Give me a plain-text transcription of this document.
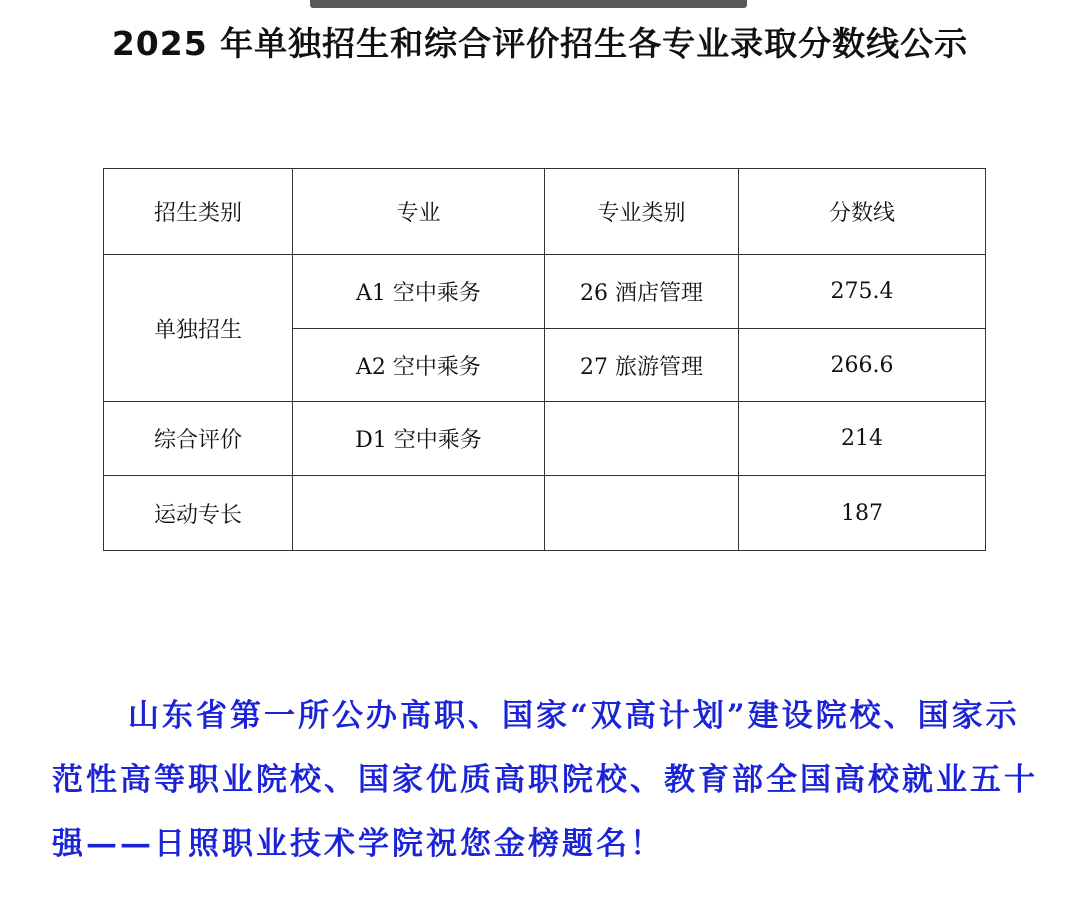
2025 年单独招生和综合评价招生各专业录取分数线公示
招生类别	专业	专业类别	分数线
单独招生	A1 空中乘务	26 酒店管理	275.4
	A2 空中乘务	27 旅游管理	266.6
综合评价	D1 空中乘务		214
运动专长			187
山东省第一所公办高职、国家“双高计划”建设院校、国家示范性高等职业院校、国家优质高职院校、教育部全国高校就业五十强——日照职业技术学院祝您金榜题名！
